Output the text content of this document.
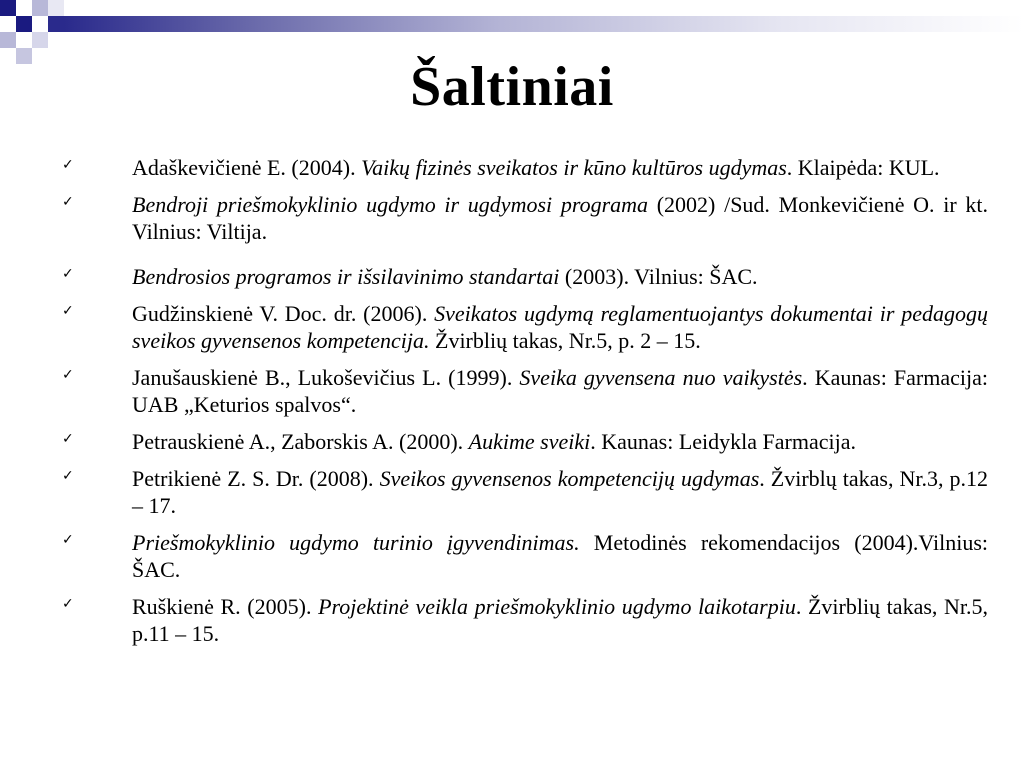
Šaltiniai
✓	Adaškevičienė E. (2004). Vaikų fizinės sveikatos ir kūno kultūros ugdymas. Klaipėda: KUL.
✓	Bendroji priešmokyklinio ugdymo ir ugdymosi programa (2002) /Sud. Monkevičienė O. ir kt. Vilnius: Viltija.
✓	Bendrosios programos ir išsilavinimo standartai (2003). Vilnius: ŠAC.
✓	Gudžinskienė V. Doc. dr. (2006). Sveikatos ugdymą reglamentuojantys dokumentai ir pedagogų sveikos gyvensenos kompetencija. Žvirblių takas, Nr.5, p. 2 – 15.
✓	Janušauskienė B., Lukoševičius L. (1999). Sveika gyvensena nuo vaikystės. Kaunas: Farmacija: UAB „Keturios spalvos“.
✓	Petrauskienė A., Zaborskis A. (2000). Aukime sveiki. Kaunas: Leidykla Farmacija.
✓	Petrikienė Z. S. Dr. (2008). Sveikos gyvensenos kompetencijų ugdymas. Žvirblų takas, Nr.3, p.12 – 17.
✓	Priešmokyklinio ugdymo turinio įgyvendinimas. Metodinės rekomendacijos (2004).Vilnius: ŠAC.
✓	Ruškienė R. (2005). Projektinė veikla priešmokyklinio ugdymo laikotarpiu. Žvirblių takas, Nr.5, p.11 – 15.
